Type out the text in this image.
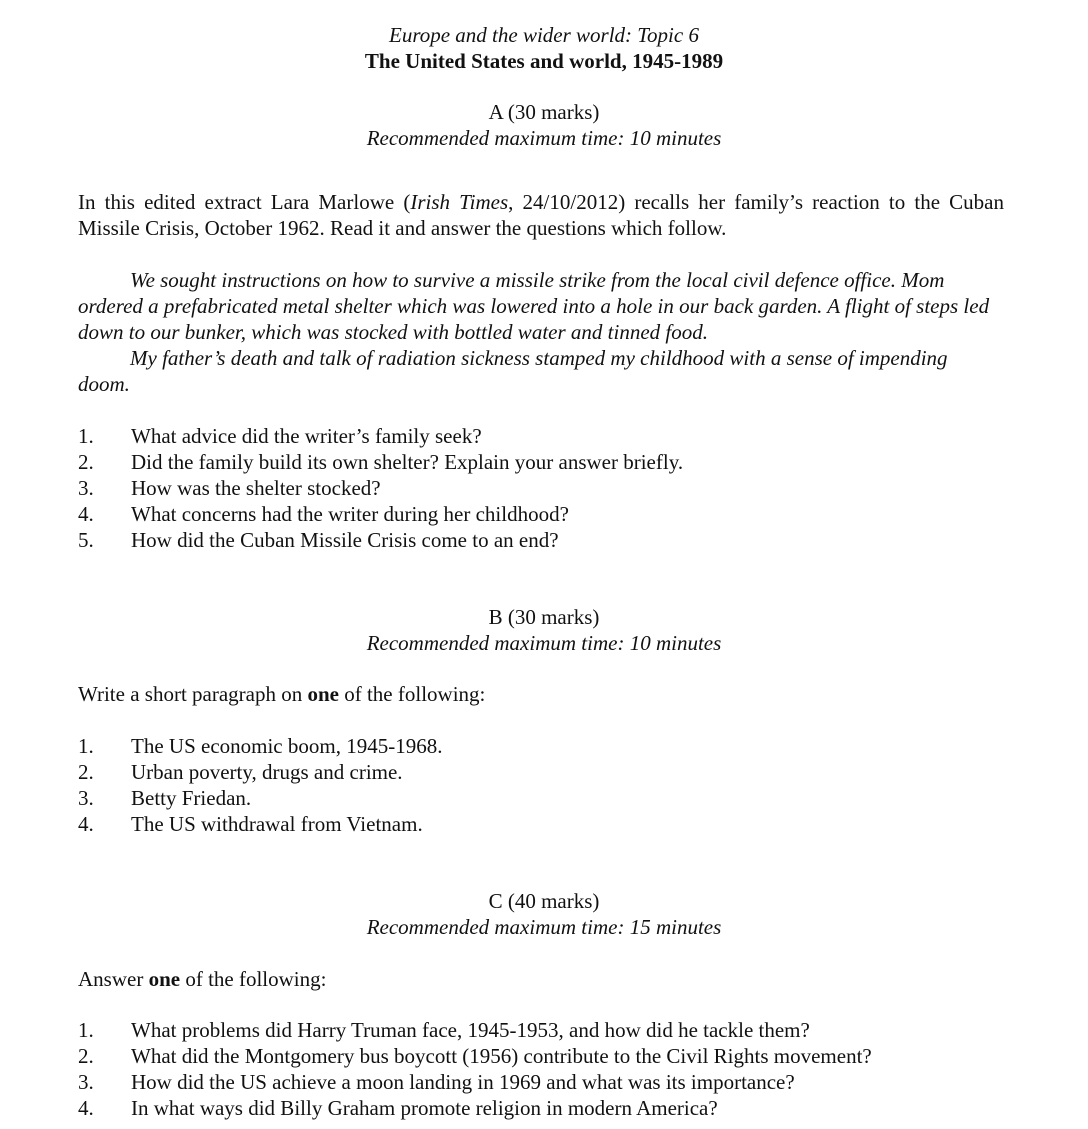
Europe and the wider world: Topic 6
The United States and world, 1945-1989
A (30 marks)
Recommended maximum time: 10 minutes
In this edited extract Lara Marlowe (Irish Times, 24/10/2012) recalls her family’s reaction to the Cuban Missile Crisis, October 1962. Read it and answer the questions which follow.

We sought instructions on how to survive a missile strike from the local civil defence office. Mom ordered a prefabricated metal shelter which was lowered into a hole in our back garden. A flight of steps led down to our bunker, which was stocked with bottled water and tinned food.

My father’s death and talk of radiation sickness stamped my childhood with a sense of impending doom.

1.	What advice did the writer’s family seek?
2.	Did the family build its own shelter? Explain your answer briefly.
3.	How was the shelter stocked?
4.	What concerns had the writer during her childhood?
5.	How did the Cuban Missile Crisis come to an end?
B (30 marks)
Recommended maximum time: 10 minutes
Write a short paragraph on one of the following:
1.	The US economic boom, 1945-1968.
2.	Urban poverty, drugs and crime.
3.	Betty Friedan.
4.	The US withdrawal from Vietnam.
C (40 marks)
Recommended maximum time: 15 minutes
Answer one of the following:
1.	What problems did Harry Truman face, 1945-1953, and how did he tackle them?
2.	What did the Montgomery bus boycott (1956) contribute to the Civil Rights movement?
3.	How did the US achieve a moon landing in 1969 and what was its importance?
4.	In what ways did Billy Graham promote religion in modern America?
